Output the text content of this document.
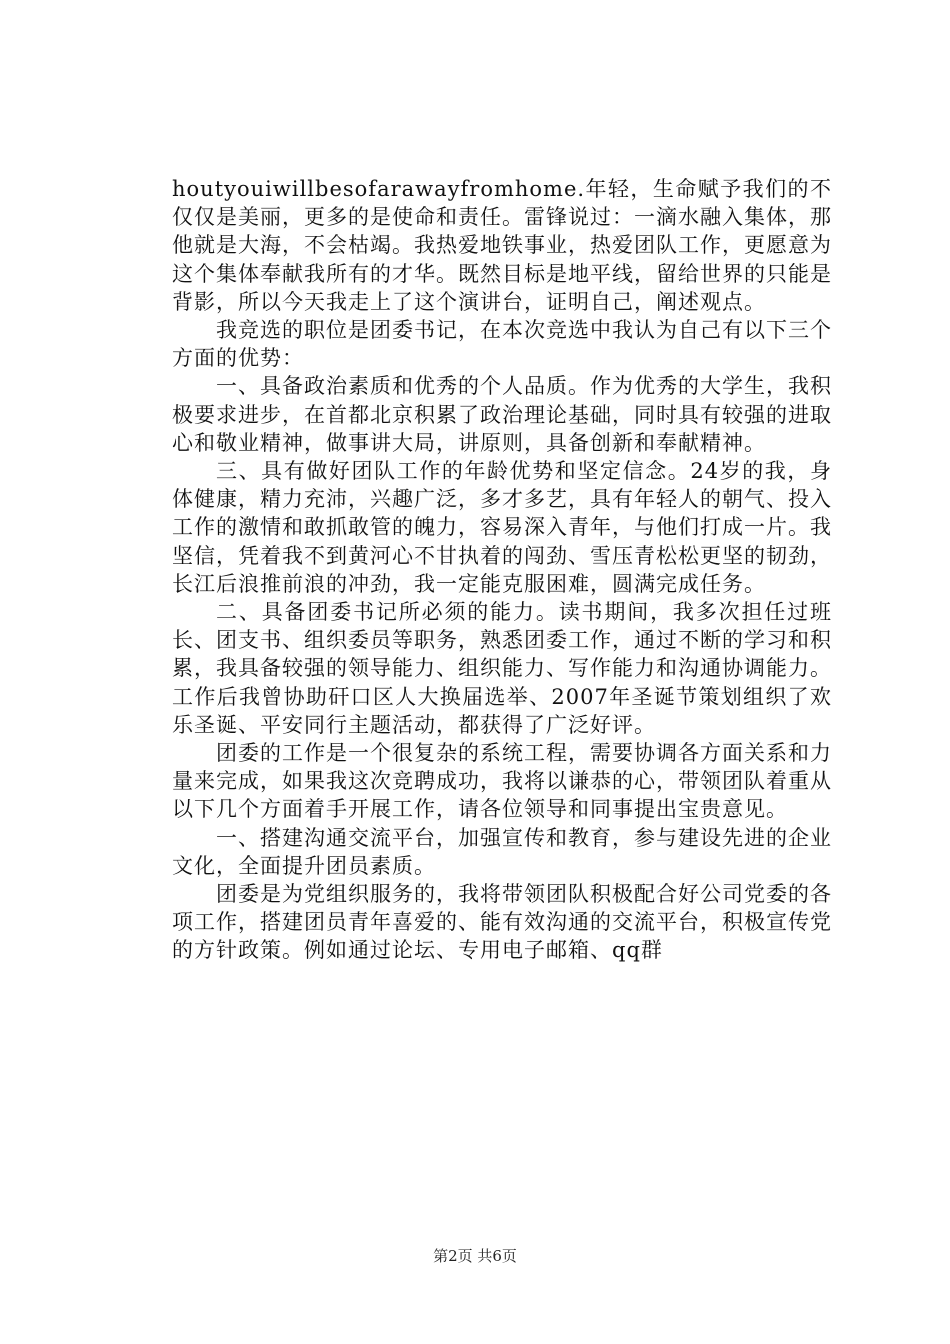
houtyouiwillbesofarawayfromhome.年轻，生命赋予我们的不仅仅是美丽，更多的是使命和责任。雷锋说过：一滴水融入集体，那他就是大海，不会枯竭。我热爱地铁事业，热爱团队工作，更愿意为这个集体奉献我所有的才华。既然目标是地平线，留给世界的只能是背影，所以今天我走上了这个演讲台，证明自己，阐述观点。

我竞选的职位是团委书记，在本次竞选中我认为自己有以下三个方面的优势：

一、具备政治素质和优秀的个人品质。作为优秀的大学生，我积极要求进步，在首都北京积累了政治理论基础，同时具有较强的进取心和敬业精神，做事讲大局，讲原则，具备创新和奉献精神。

三、具有做好团队工作的年龄优势和坚定信念。24岁的我，身体健康，精力充沛，兴趣广泛，多才多艺，具有年轻人的朝气、投入工作的激情和敢抓敢管的魄力，容易深入青年，与他们打成一片。我坚信，凭着我不到黄河心不甘执着的闯劲、雪压青松松更坚的韧劲，长江后浪推前浪的冲劲，我一定能克服困难，圆满完成任务。

二、具备团委书记所必须的能力。读书期间，我多次担任过班长、团支书、组织委员等职务，熟悉团委工作，通过不断的学习和积累，我具备较强的领导能力、组织能力、写作能力和沟通协调能力。工作后我曾协助矸口区人大换届选举、2007年圣诞节策划组织了欢乐圣诞、平安同行主题活动，都获得了广泛好评。

团委的工作是一个很复杂的系统工程，需要协调各方面关系和力量来完成，如果我这次竞聘成功，我将以谦恭的心，带领团队着重从以下几个方面着手开展工作，请各位领导和同事提出宝贵意见。

一、搭建沟通交流平台，加强宣传和教育，参与建设先进的企业文化，全面提升团员素质。

团委是为党组织服务的，我将带领团队积极配合好公司党委的各项工作，搭建团员青年喜爱的、能有效沟通的交流平台，积极宣传党的方针政策。例如通过论坛、专用电子邮箱、qq群

第2页 共6页
